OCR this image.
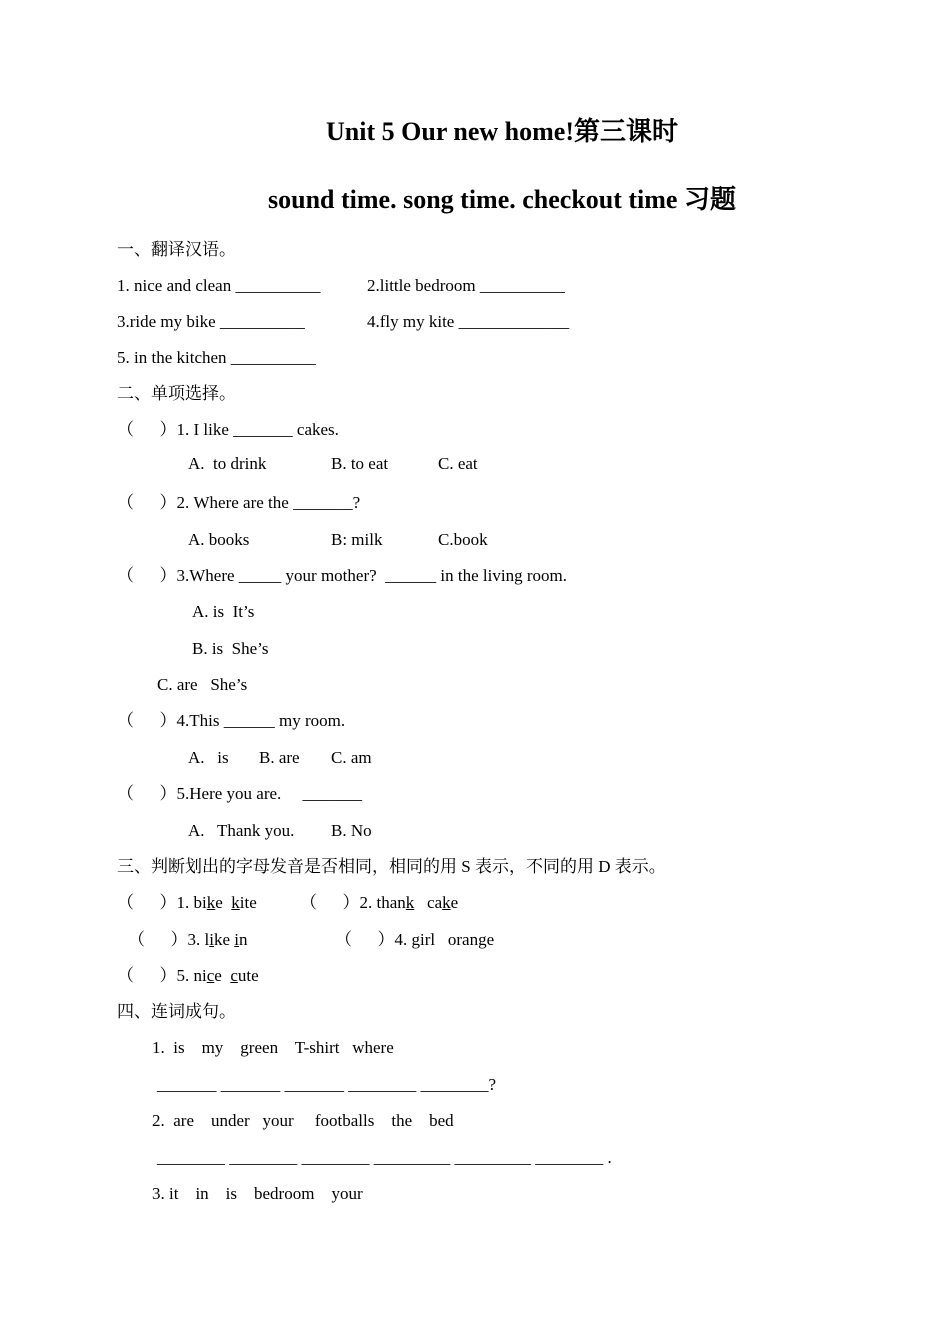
Unit 5 Our new home!第三课时
sound time. song time. checkout time 习题
一、翻译汉语。
1. nice and clean __________	2.little bedroom __________
3.ride my bike __________	4.fly my kite _____________
5. in the kitchen __________
二、单项选择。
（      ）1. I like _______ cakes.
A.  to drink	B. to eat	C. eat
（      ）2. Where are the _______?
A. books	B: milk	C.book
（      ）3.Where _____ your mother?  ______ in the living room.
A. is  It’s
B. is  She’s
C. are   She’s
（      ）4.This ______ my room.
A.   is B. are C. am
（      ）5.Here you are.     _______
A.   Thank you. B. No
三、判断划出的字母发音是否相同，相同的用 S 表示，不同的用 D 表示。
（      ）1. bike  kite	（      ）2. thank   cake
（      ）3. like in	（      ）4. girl   orange
（      ）5. nice  cute
四、连词成句。
1.  is    my    green    T-shirt   where
_______ _______ _______ ________ ________?
2.  are    under   your     footballs    the    bed
________ ________ ________ _________ _________ ________ .
3. it    in    is    bedroom    your
